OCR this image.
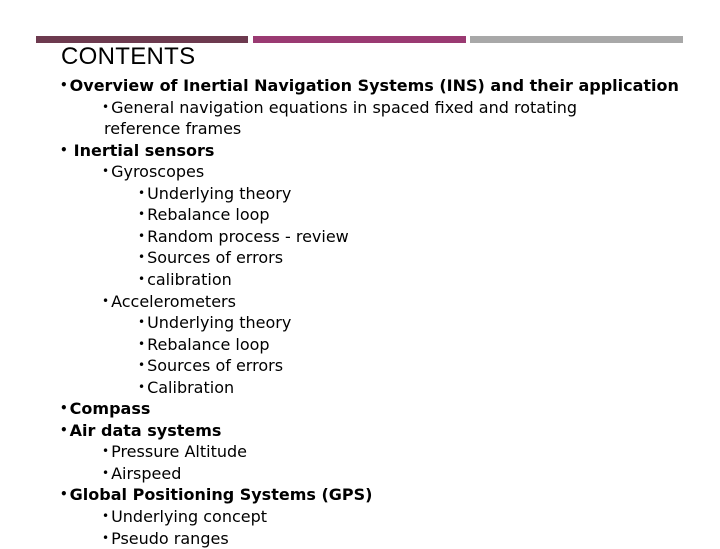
CONTENTS
• Overview of Inertial Navigation Systems (INS) and their application
• General navigation equations in spaced fixed and rotating
reference frames
• Inertial sensors
• Gyroscopes
• Underlying theory
• Rebalance loop
• Random process - review
• Sources of errors
• calibration
• Accelerometers
• Underlying theory
• Rebalance loop
• Sources of errors
• Calibration
• Compass
• Air data systems
• Pressure Altitude
• Airspeed
• Global Positioning Systems (GPS)
• Underlying concept
• Pseudo ranges
